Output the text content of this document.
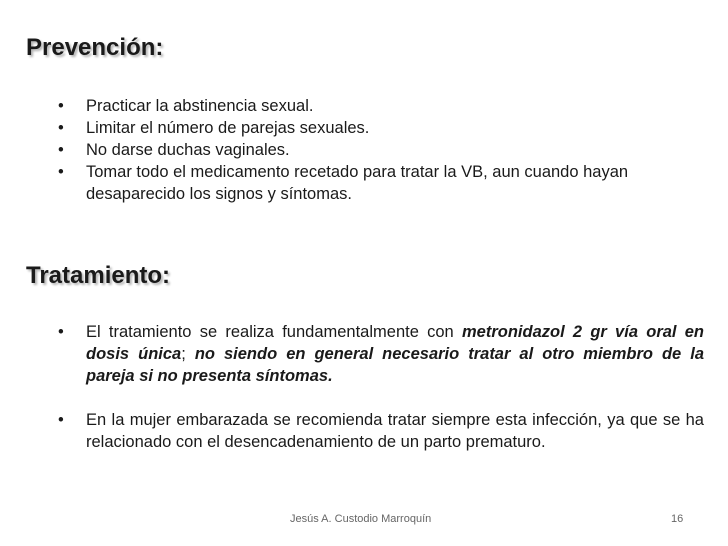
Prevención:
• Practicar la abstinencia sexual.
• Limitar el número de parejas sexuales.
• No darse duchas vaginales.
• Tomar todo el medicamento recetado para tratar la VB, aun cuando hayan desaparecido los signos y síntomas.
Tratamiento:
• El tratamiento se realiza fundamentalmente con metronidazol 2 gr vía oral en dosis única; no siendo en general necesario tratar al otro miembro de la pareja si no presenta síntomas.
• En la mujer embarazada se recomienda tratar siempre esta infección, ya que se ha relacionado con el desencadenamiento de un parto prematuro.
Jesús A. Custodio Marroquín	16
